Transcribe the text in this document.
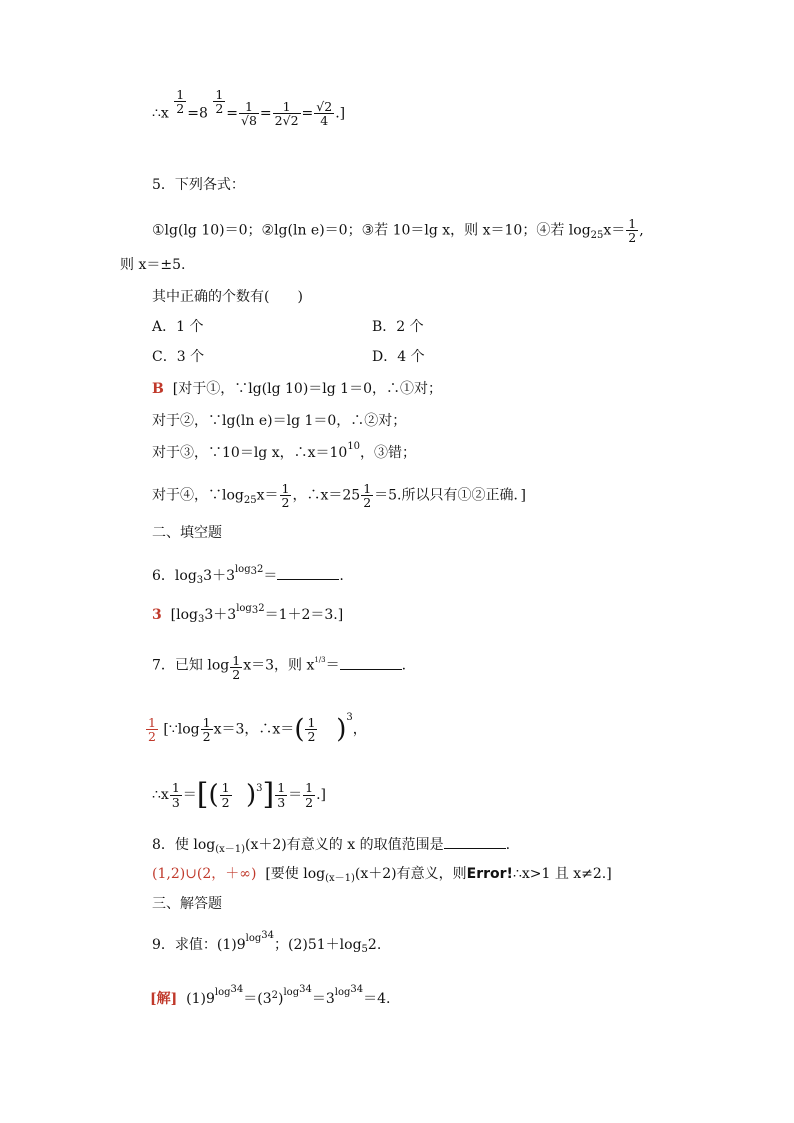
∴x $\frac{1}{2} =8 \frac{1}{2} = \frac{1}{√8} = \frac{1}{2√2} = \frac{√2}{4}$ .]
5．下列各式：
①lg(lg 10)＝0；②lg(ln e)＝0；③若 10＝lg x，则 x＝10；④若 $\log_{25}x= \frac{1}{2}$ ,
则 x＝±5.
其中正确的个数有(　　)
A．1 个	B．2 个
C．3 个	D．4 个
B [对于①，∵lg(lg 10)＝lg 1＝0，∴①对；
对于②，∵lg(ln e)＝lg 1＝0，∴②对；
对于③，∵10＝lg x，$\therefore x=10^{10}$，③错；
对于④，$\because\log_{25}x= \frac{1}{2}$ ，∴x＝25 $\frac{1}{2} =5$.所以只有①②正确．]
二、填空题
6．$\log_33+3^{log_32}=$	.
3 $[\log_33+3^{log_32}=1+2=3.]$
7．已知 $\log \frac{1}{2} x=3$，则 $x^{1/3}=$	.
$\frac{1}{2}$ [∵log $\frac{1}{2} x=3$，∴x＝( $\frac{1}{2} )^3$，
∴x $\frac{1}{3}$ ＝[( $\frac{1}{2} )^3] \frac{1}{3} = \frac{1}{2}$ .]
8．使 $\log_{(x-1)}(x+2)$有意义的 x 的取值范围是	.
(1,2)∪(2，＋∞) [要使 $\log_{(x-1)}(x+2)$有意义，则Error!∴x>1 且 x≠2.]
三、解答题
9．求值：$(1)9^{log34}$；$(2)51+\log_52$.
[解] $(1)9^{log34}=(3^2)^{log34}=3^{log34}=4$.
